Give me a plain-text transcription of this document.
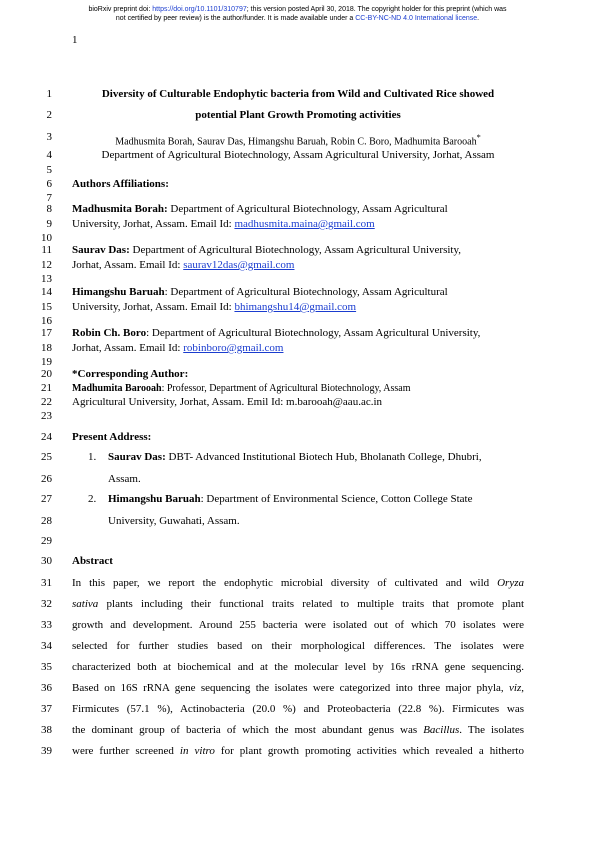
bioRxiv preprint doi: https://doi.org/10.1101/310797; this version posted April 30, 2018. The copyright holder for this preprint (which was
not certified by peer review) is the author/funder. It is made available under a CC-BY-NC-ND 4.0 International license.
1
1
2
3
4
5
6
7
8
9
10
11
12
13
14
15
16
17
18
19
20
21
22
23
24
25
26
27
28
29
30
31
32
33
34
35
36
37
38
39
Diversity of Culturable Endophytic bacteria from Wild and Cultivated Rice showed
potential Plant Growth Promoting activities
Madhusmita Borah, Saurav Das, Himangshu Baruah, Robin C. Boro, Madhumita Barooah*
Department of Agricultural Biotechnology, Assam Agricultural University, Jorhat, Assam
Authors Affiliations:
Madhusmita Borah: Department of Agricultural Biotechnology, Assam Agricultural
University, Jorhat, Assam. Email Id: madhusmita.maina@gmail.com
Saurav Das: Department of Agricultural Biotechnology, Assam Agricultural University,
Jorhat, Assam. Email Id: saurav12das@gmail.com
Himangshu Baruah: Department of Agricultural Biotechnology, Assam Agricultural
University, Jorhat, Assam. Email Id: bhimangshu14@gmail.com
Robin Ch. Boro: Department of Agricultural Biotechnology, Assam Agricultural University,
Jorhat, Assam. Email Id: robinboro@gmail.com
*Corresponding Author:
Madhumita Barooah: Professor, Department of Agricultural Biotechnology, Assam
Agricultural University, Jorhat, Assam. Emil Id: m.barooah@aau.ac.in
Present Address:
1. Saurav Das: DBT- Advanced Institutional Biotech Hub, Bholanath College, Dhubri,
Assam.
2. Himangshu Baruah: Department of Environmental Science, Cotton College State
University, Guwahati, Assam.
Abstract
In this paper, we report the endophytic microbial diversity of cultivated and wild Oryza
sativa plants including their functional traits related to multiple traits that promote plant
growth and development. Around 255 bacteria were isolated out of which 70 isolates were
selected for further studies based on their morphological differences. The isolates were
characterized both at biochemical and at the molecular level by 16s rRNA gene sequencing.
Based on 16S rRNA gene sequencing the isolates were categorized into three major phyla, viz,
Firmicutes (57.1 %), Actinobacteria (20.0 %) and Proteobacteria (22.8 %). Firmicutes was
the dominant group of bacteria of which the most abundant genus was Bacillus. The isolates
were further screened in vitro for plant growth promoting activities which revealed a hitherto
